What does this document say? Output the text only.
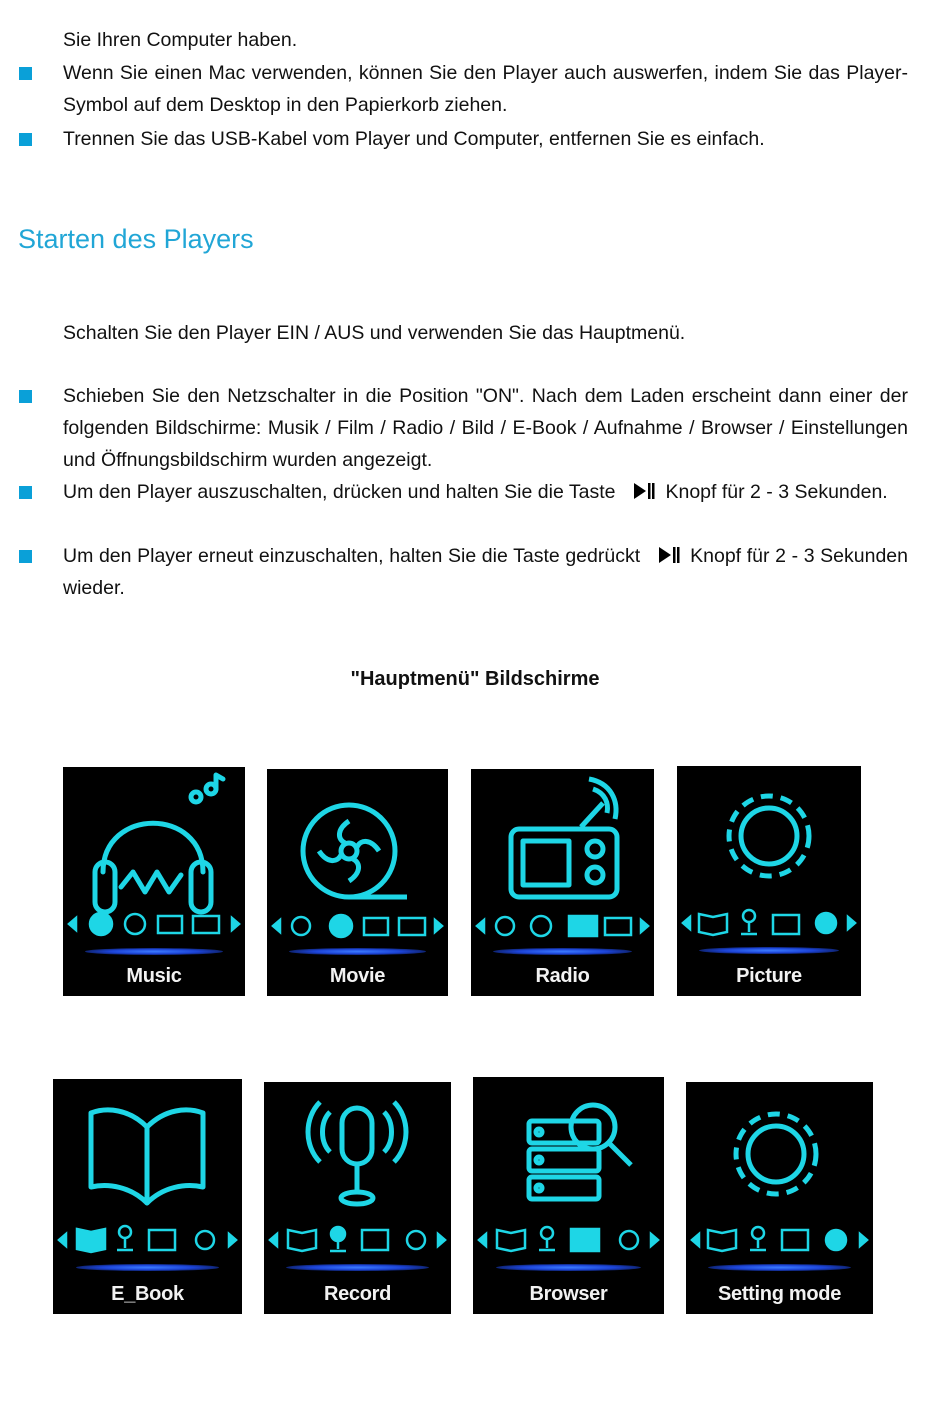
Sie Ihren Computer haben.
Wenn Sie einen Mac verwenden, können Sie den Player auch auswerfen, indem Sie das Player-Symbol auf dem Desktop in den Papierkorb ziehen.
Trennen Sie das USB-Kabel vom Player und Computer, entfernen Sie es einfach.
Starten des Players
Schalten Sie den Player EIN / AUS und verwenden Sie das Hauptmenü.
Schieben Sie den Netzschalter in die Position "ON". Nach dem Laden erscheint dann einer der folgenden Bildschirme: Musik / Film / Radio / Bild / E-Book / Aufnahme / Browser / Einstellungen und Öffnungsbildschirm wurden angezeigt.
Um den Player auszuschalten, drücken und halten Sie die Taste	Knopf für 2 - 3 Sekunden.
Um den Player erneut einzuschalten, halten Sie die Taste gedrückt	Knopf für 2 - 3 Sekunden wieder.
"Hauptmenü" Bildschirme
Music	Movie	Radio	Picture
E_Book	Record	Browser	Setting mode
